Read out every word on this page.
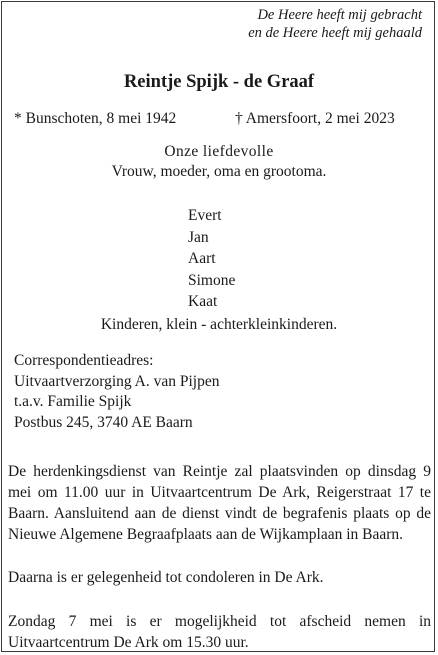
De Heere heeft mij gebracht
en de Heere heeft mij gehaald
Reintje Spijk - de Graaf
* Bunschoten, 8 mei 1942	† Amersfoort, 2 mei 2023
Onze liefdevolle
Vrouw, moeder, oma en grootoma.
Evert
Jan
Aart
Simone
Kaat
Kinderen, klein - achterkleinkinderen.
Correspondentieadres:
Uitvaartverzorging A. van Pijpen
t.a.v. Familie Spijk
Postbus 245, 3740 AE Baarn
De herdenkingsdienst van Reintje zal plaatsvinden op dinsdag 9 mei om 11.00 uur in Uitvaartcentrum De Ark, Reigerstraat 17 te Baarn. Aansluitend aan de dienst vindt de begrafenis plaats op de Nieuwe Algemene Begraafplaats aan de Wijkamplaan in Baarn.
Daarna is er gelegenheid tot condoleren in De Ark.
Zondag 7 mei is er mogelijkheid tot afscheid nemen in Uitvaartcentrum De Ark om 15.30 uur.
